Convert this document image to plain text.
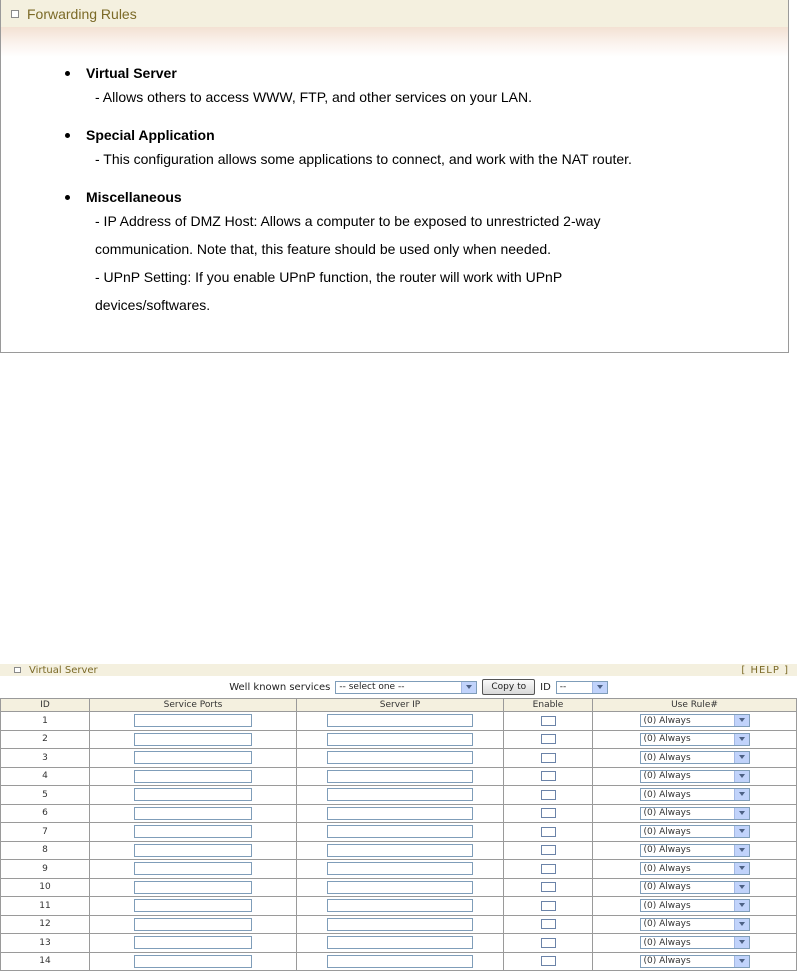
Forwarding Rules
Virtual Server
- Allows others to access WWW, FTP, and other services on your LAN.
Special Application
- This configuration allows some applications to connect, and work with the NAT router.
Miscellaneous
- IP Address of DMZ Host: Allows a computer to be exposed to unrestricted 2-way
communication. Note that, this feature should be used only when needed.
- UPnP Setting: If you enable UPnP function, the router will work with UPnP
devices/softwares.
Virtual Server	[ HELP ]
Well known services -- select one --	Copy to	ID --
ID	Service Ports	Server IP	Enable	Use Rule#
1				(0) Always

2				(0) Always

3				(0) Always

4				(0) Always

5				(0) Always

6				(0) Always

7				(0) Always

8				(0) Always

9				(0) Always

10				(0) Always

11				(0) Always

12				(0) Always

13				(0) Always

14				(0) Always
